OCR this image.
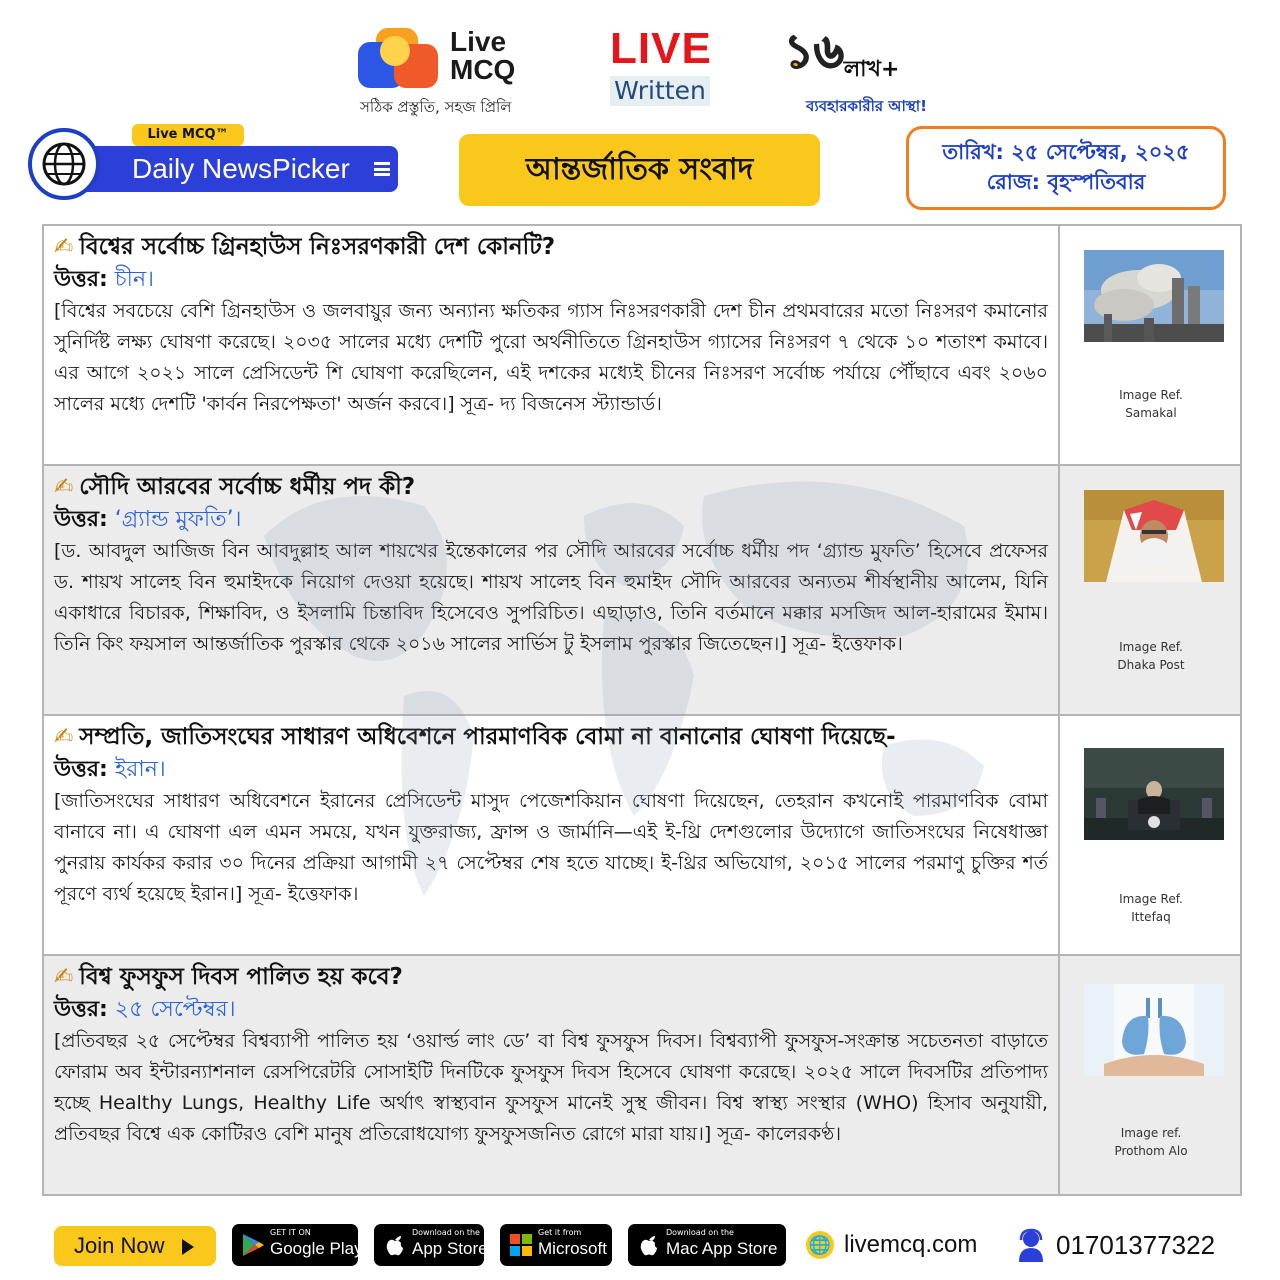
Live
MCQ
সঠিক প্রস্তুতি, সহজ প্রিলি
LIVE
Written
১৬লাখ+
ব্যবহারকারীর আস্থা!
Live MCQ™
Daily NewsPicker	আন্তর্জাতিক সংবাদ	তারিখ: ২৫ সেপ্টেম্বর, ২০২৫
রোজ: বৃহস্পতিবার
✍ বিশ্বের সর্বোচ্চ গ্রিনহাউস নিঃসরণকারী দেশ কোনটি?
উত্তর: চীন।
[বিশ্বের সবচেয়ে বেশি গ্রিনহাউস ও জলবায়ুর জন্য অন্যান্য ক্ষতিকর গ্যাস নিঃসরণকারী দেশ চীন প্রথমবারের মতো নিঃসরণ কমানোর সুনির্দিষ্ট লক্ষ্য ঘোষণা করেছে। ২০৩৫ সালের মধ্যে দেশটি পুরো অর্থনীতিতে গ্রিনহাউস গ্যাসের নিঃসরণ ৭ থেকে ১০ শতাংশ কমাবে। এর আগে ২০২১ সালে প্রেসিডেন্ট শি ঘোষণা করেছিলেন, এই দশকের মধ্যেই চীনের নিঃসরণ সর্বোচ্চ পর্যায়ে পৌঁছাবে এবং ২০৬০ সালের মধ্যে দেশটি 'কার্বন নিরপেক্ষতা' অর্জন করবে।] সূত্র- দ্য বিজনেস স্ট্যান্ডার্ড।	Image Ref.
Samakal
✍ সৌদি আরবের সর্বোচ্চ ধর্মীয় পদ কী?
উত্তর: ‘গ্র্যান্ড মুফতি’।
[ড. আবদুল আজিজ বিন আবদুল্লাহ আল শায়খের ইন্তেকালের পর সৌদি আরবের সর্বোচ্চ ধর্মীয় পদ ‘গ্র্যান্ড মুফতি’ হিসেবে প্রফেসর ড. শায়খ সালেহ বিন হুমাইদকে নিয়োগ দেওয়া হয়েছে। শায়খ সালেহ বিন হুমাইদ সৌদি আরবের অন্যতম শীর্ষস্থানীয় আলেম, যিনি একাধারে বিচারক, শিক্ষাবিদ, ও ইসলামি চিন্তাবিদ হিসেবেও সুপরিচিত। এছাড়াও, তিনি বর্তমানে মক্কার মসজিদ আল-হারামের ইমাম। তিনি কিং ফয়সাল আন্তর্জাতিক পুরস্কার থেকে ২০১৬ সালের সার্ভিস টু ইসলাম পুরস্কার জিতেছেন।] সূত্র- ইত্তেফাক।	Image Ref.
Dhaka Post
✍ সম্প্রতি, জাতিসংঘের সাধারণ অধিবেশনে পারমাণবিক বোমা না বানানোর ঘোষণা দিয়েছে-
উত্তর: ইরান।
[জাতিসংঘের সাধারণ অধিবেশনে ইরানের প্রেসিডেন্ট মাসুদ পেজেশকিয়ান ঘোষণা দিয়েছেন, তেহরান কখনোই পারমাণবিক বোমা বানাবে না। এ ঘোষণা এল এমন সময়ে, যখন যুক্তরাজ্য, ফ্রান্স ও জার্মানি—এই ই-থ্রি দেশগুলোর উদ্যোগে জাতিসংঘের নিষেধাজ্ঞা পুনরায় কার্যকর করার ৩০ দিনের প্রক্রিয়া আগামী ২৭ সেপ্টেম্বর শেষ হতে যাচ্ছে। ই-থ্রির অভিযোগ, ২০১৫ সালের পরমাণু চুক্তির শর্ত পূরণে ব্যর্থ হয়েছে ইরান।] সূত্র- ইত্তেফাক।	Image Ref.
Ittefaq
✍ বিশ্ব ফুসফুস দিবস পালিত হয় কবে?
উত্তর: ২৫ সেপ্টেম্বর।
[প্রতিবছর ২৫ সেপ্টেম্বর বিশ্বব্যাপী পালিত হয় ‘ওয়ার্ল্ড লাং ডে’ বা বিশ্ব ফুসফুস দিবস। বিশ্বব্যাপী ফুসফুস-সংক্রান্ত সচেতনতা বাড়াতে ফোরাম অব ইন্টারন্যাশনাল রেসপিরেটরি সোসাইটি দিনটিকে ফুসফুস দিবস হিসেবে ঘোষণা করেছে। ২০২৫ সালে দিবসটির প্রতিপাদ্য হচ্ছে Healthy Lungs, Healthy Life অর্থাৎ স্বাস্থ্যবান ফুসফুস মানেই সুস্থ জীবন। বিশ্ব স্বাস্থ্য সংস্থার (WHO) হিসাব অনুযায়ী, প্রতিবছর বিশ্বে এক কোটিরও বেশি মানুষ প্রতিরোধযোগ্য ফুসফুসজনিত রোগে মারা যায়।] সূত্র- কালেরকণ্ঠ।	Image ref.
Prothom Alo
Join Now
GET IT ON
Google Play
Download on the
App Store
Get it from
Microsoft
Download on the
Mac App Store 🌐 livemcq.com	01701377322
